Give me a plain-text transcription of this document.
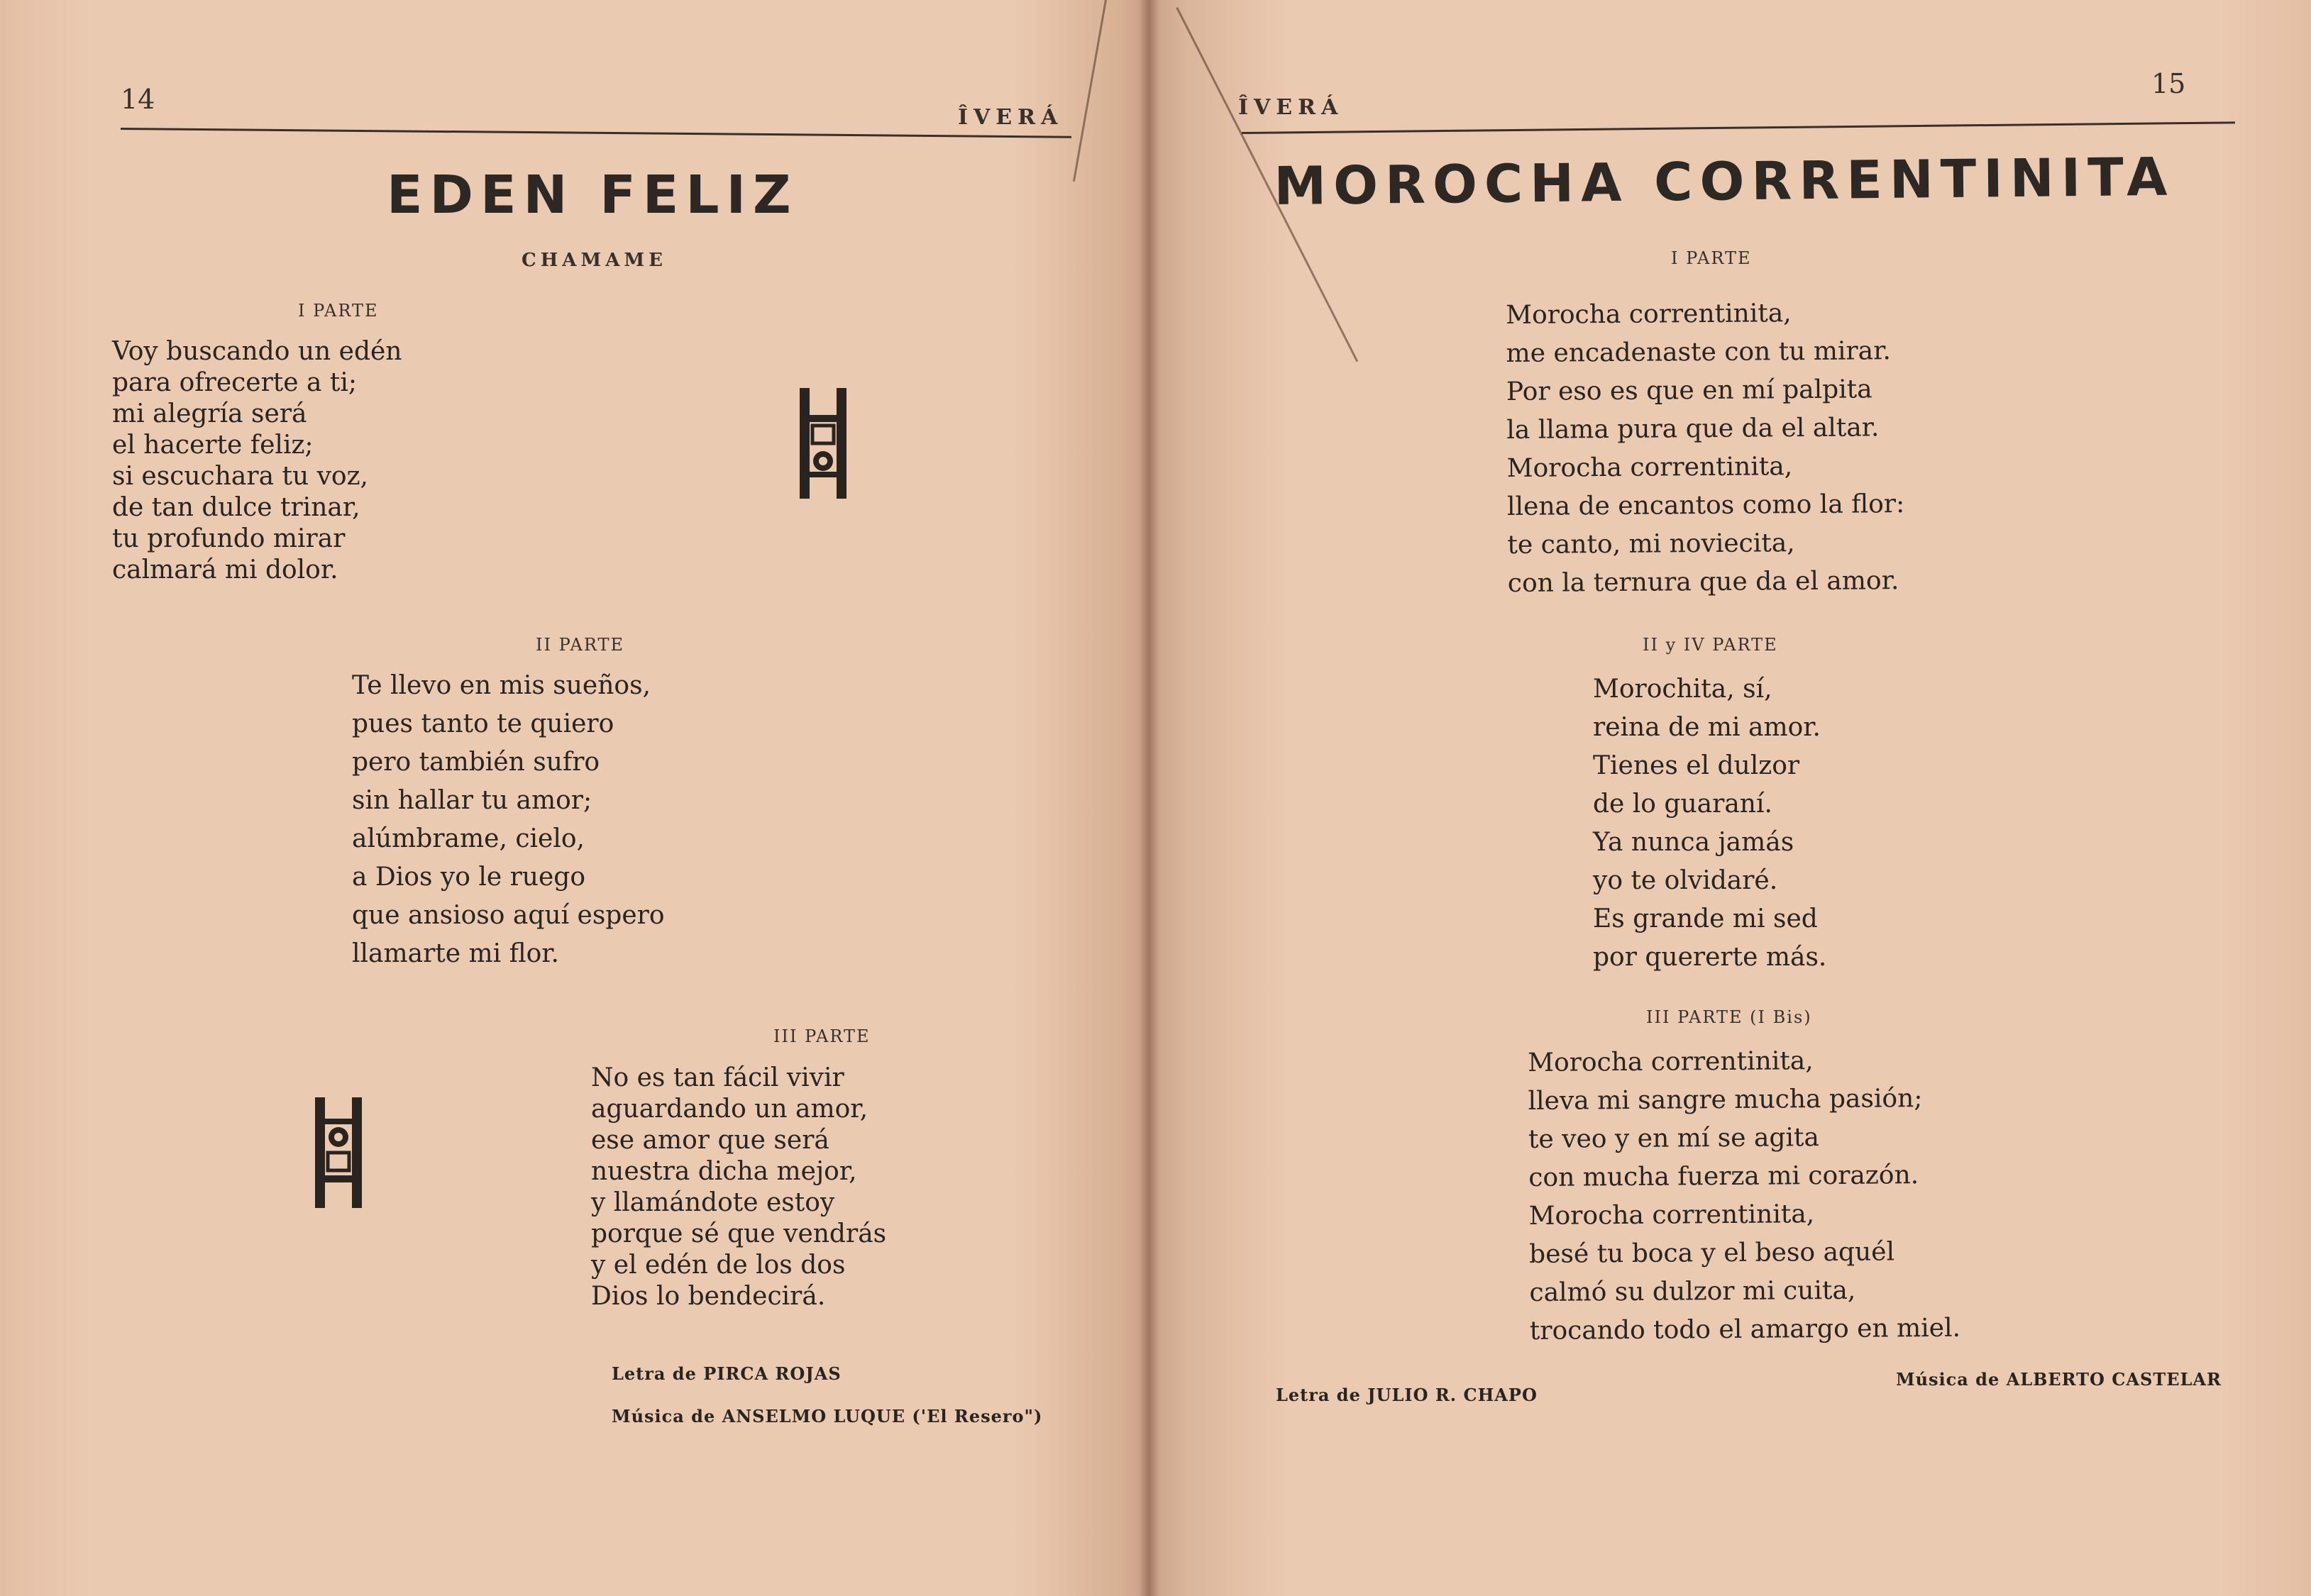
14
ÎVERÁ
EDEN FELIZ
CHAMAME
I PARTE
Voy buscando un edén
para ofrecerte a ti;
mi alegría será
el hacerte feliz;
si escuchara tu voz,
de tan dulce trinar,
tu profundo mirar
calmará mi dolor.
II PARTE
Te llevo en mis sueños,
pues tanto te quiero
pero también sufro
sin hallar tu amor;
alúmbrame, cielo,
a Dios yo le ruego
que ansioso aquí espero
llamarte mi flor.
III PARTE
No es tan fácil vivir
aguardando un amor,
ese amor que será
nuestra dicha mejor,
y llamándote estoy
porque sé que vendrás
y el edén de los dos
Dios lo bendecirá.
Letra de PIRCA ROJAS
Música de ANSELMO LUQUE ('El Resero")
ÎVERÁ
15
MOROCHA CORRENTINITA
I PARTE
Morocha correntinita,
me encadenaste con tu mirar.
Por eso es que en mí palpita
la llama pura que da el altar.
Morocha correntinita,
llena de encantos como la flor:
te canto, mi noviecita,
con la ternura que da el amor.
II y IV PARTE
Morochita, sí,
reina de mi amor.
Tienes el dulzor
de lo guaraní.
Ya nunca jamás
yo te olvidaré.
Es grande mi sed
por quererte más.
III PARTE (I Bis)
Morocha correntinita,
lleva mi sangre mucha pasión;
te veo y en mí se agita
con mucha fuerza mi corazón.
Morocha correntinita,
besé tu boca y el beso aquél
calmó su dulzor mi cuita,
trocando todo el amargo en miel.
Letra de JULIO R. CHAPO
Música de ALBERTO CASTELAR
